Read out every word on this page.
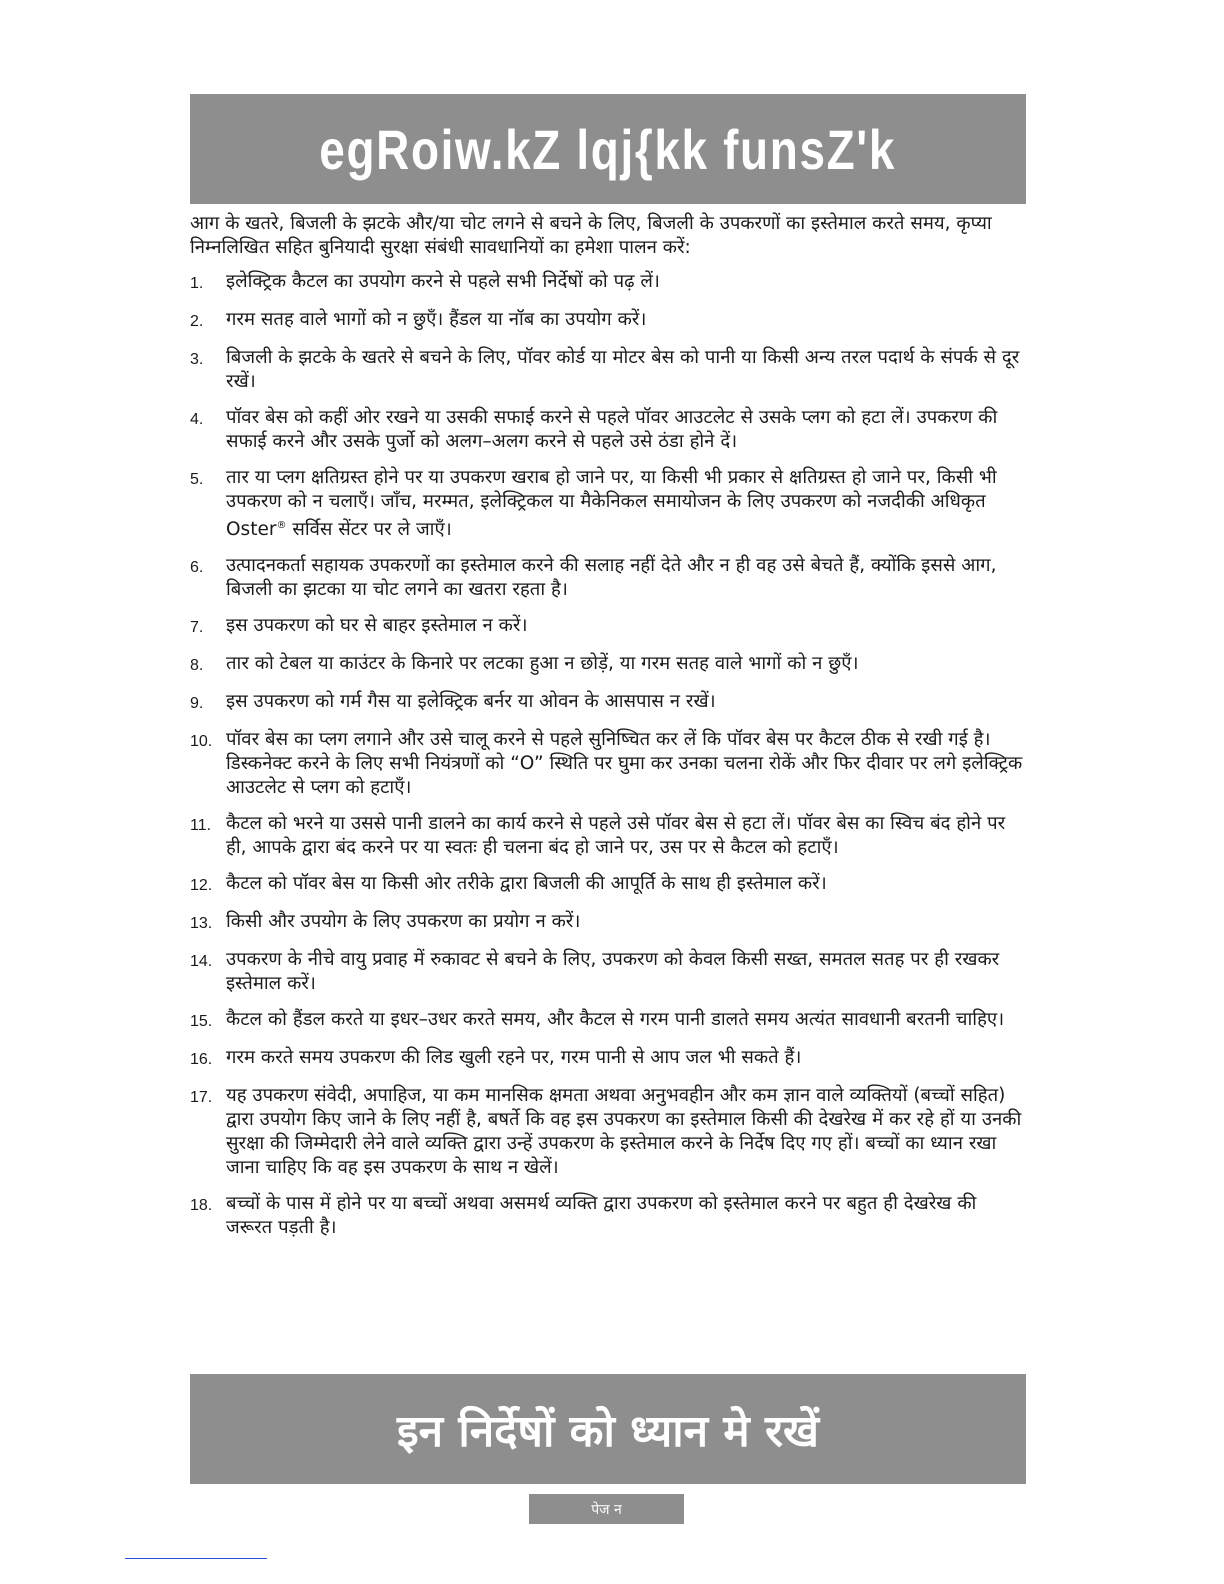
egRoiw.kZ lqj{kk funsZ'k

आग के खतरे, बिजली के झटके और/या चोट लगने से बचने के लिए, बिजली के उपकरणों का इस्तेमाल करते समय, कृप्या निम्नलिखित सहित बुनियादी सुरक्षा संबंधी सावधानियों का हमेशा पालन करें:

1.	इलेक्ट्रिक कैटल का उपयोग करने से पहले सभी निर्देषों को पढ़ लें।
2.	गरम सतह वाले भागों को न छुएँ। हैंडल या नॉब का उपयोग करें।
3.	बिजली के झटके के खतरे से बचने के लिए, पॉवर कोर्ड या मोटर बेस को पानी या किसी अन्य तरल पदार्थ के संपर्क से दूर रखें।
4.	पॉवर बेस को कहीं ओर रखने या उसकी सफाई करने से पहले पॉवर आउटलेट से उसके प्लग को हटा लें। उपकरण की सफाई करने और उसके पुर्जो को अलग–अलग करने से पहले उसे ठंडा होने दें।
5.	तार या प्लग क्षतिग्रस्त होने पर या उपकरण खराब हो जाने पर, या किसी भी प्रकार से क्षतिग्रस्त हो जाने पर, किसी भी उपकरण को न चलाएँ। जाँच, मरम्मत, इलेक्ट्रिकल या मैकेनिकल समायोजन के लिए उपकरण को नजदीकी अधिकृत Oster® सर्विस सेंटर पर ले जाएँ।
6.	उत्पादनकर्ता सहायक उपकरणों का इस्तेमाल करने की सलाह नहीं देते और न ही वह उसे बेचते हैं, क्योंकि इससे आग, बिजली का झटका या चोट लगने का खतरा रहता है।
7.	इस उपकरण को घर से बाहर इस्तेमाल न करें।
8.	तार को टेबल या काउंटर के किनारे पर लटका हुआ न छोड़ें, या गरम सतह वाले भागों को न छुएँ।
9.	इस उपकरण को गर्म गैस या इलेक्ट्रिक बर्नर या ओवन के आसपास न रखें।
10. पॉवर बेस का प्लग लगाने और उसे चालू करने से पहले सुनिष्चित कर लें कि पॉवर बेस पर कैटल ठीक से रखी गई है। डिस्कनेक्ट करने के लिए सभी नियंत्रणों को “O” स्थिति पर घुमा कर उनका चलना रोकें और फिर दीवार पर लगे इलेक्ट्रिक आउटलेट से प्लग को हटाएँ।
11. कैटल को भरने या उससे पानी डालने का कार्य करने से पहले उसे पॉवर बेस से हटा लें। पॉवर बेस का स्विच बंद होने पर ही, आपके द्वारा बंद करने पर या स्वतः ही चलना बंद हो जाने पर, उस पर से कैटल को हटाएँ।
12. कैटल को पॉवर बेस या किसी ओर तरीके द्वारा बिजली की आपूर्ति के साथ ही इस्तेमाल करें।
13. किसी और उपयोग के लिए उपकरण का प्रयोग न करें।
14. उपकरण के नीचे वायु प्रवाह में रुकावट से बचने के लिए, उपकरण को केवल किसी सख्त, समतल सतह पर ही रखकर इस्तेमाल करें।
15. कैटल को हैंडल करते या इधर–उधर करते समय, और कैटल से गरम पानी डालते समय अत्यंत सावधानी बरतनी चाहिए।
16. गरम करते समय उपकरण की लिड खुली रहने पर, गरम पानी से आप जल भी सकते हैं।
17. यह उपकरण संवेदी, अपाहिज, या कम मानसिक क्षमता अथवा अनुभवहीन और कम ज्ञान वाले व्यक्तियों (बच्चों सहित) द्वारा उपयोग किए जाने के लिए नहीं है, बषर्ते कि वह इस उपकरण का इस्तेमाल किसी की देखरेख में कर रहे हों या उनकी सुरक्षा की जिम्मेदारी लेने वाले व्यक्ति द्वारा उन्हें उपकरण के इस्तेमाल करने के निर्देष दिए गए हों। बच्चों का ध्यान रखा जाना चाहिए कि वह इस उपकरण के साथ न खेलें।
18. बच्चों के पास में होने पर या बच्चों अथवा असमर्थ व्यक्ति द्वारा उपकरण को इस्तेमाल करने पर बहुत ही देखरेख की जरूरत पड़ती है।
इन निर्देषों को ध्यान मे रखें
पेज न
